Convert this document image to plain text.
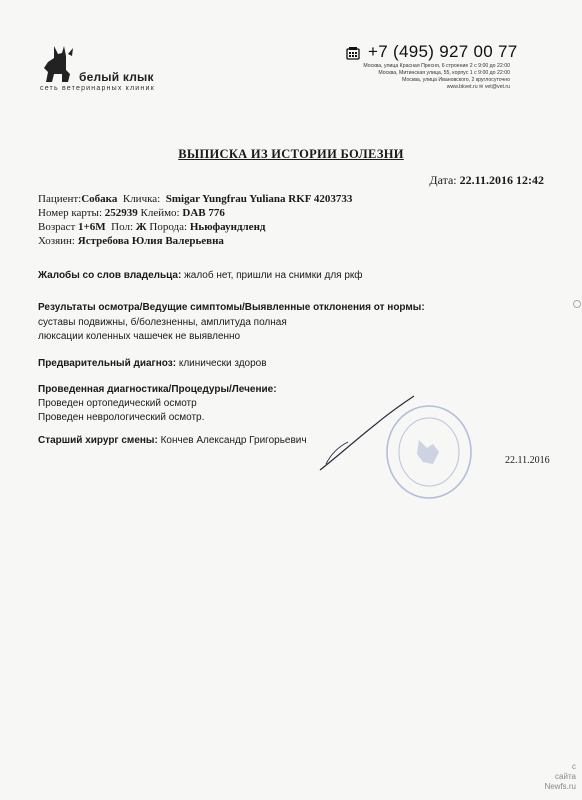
белый клык
сеть ветеринарных клиник
+7 (495) 927 00 77
Москва, улица Красная Пресня, 6 строение 2 с 9:00 до 22:00
Москва, Митинская улица, 55, корпус 1 с 9:00 до 22:00
Москва, улица Ивановского, 2 круглосуточно
www.bkvet.ru ✉ vet@vet.ru
ВЫПИСКА ИЗ ИСТОРИИ БОЛЕЗНИ
Дата: 22.11.2016 12:42
Пациент:Собака Кличка: Smigar Yungfrau Yuliana RKF 4203733
Номер карты: 252939 Клеймо: DAB 776
Возраст 1+6M Пол: Ж Порода: Ньюфаундленд
Хозяин: Ястребова Юлия Валерьевна
Жалобы со слов владельца: жалоб нет, пришли на снимки для ркф
Результаты осмотра/Ведущие симптомы/Выявленные отклонения от нормы:
суставы подвижны, б/болезненны, амплитуда полная
люксации коленных чашечек не выявленно
Предварительный диагноз: клинически здоров
Проведенная диагностика/Процедуры/Лечение:
Проведен ортопедический осмотр
Проведен неврологический осмотр.
Старший хирург смены: Кончев Александр Григорьевич
22.11.2016
c
сайта
Newfs.ru
